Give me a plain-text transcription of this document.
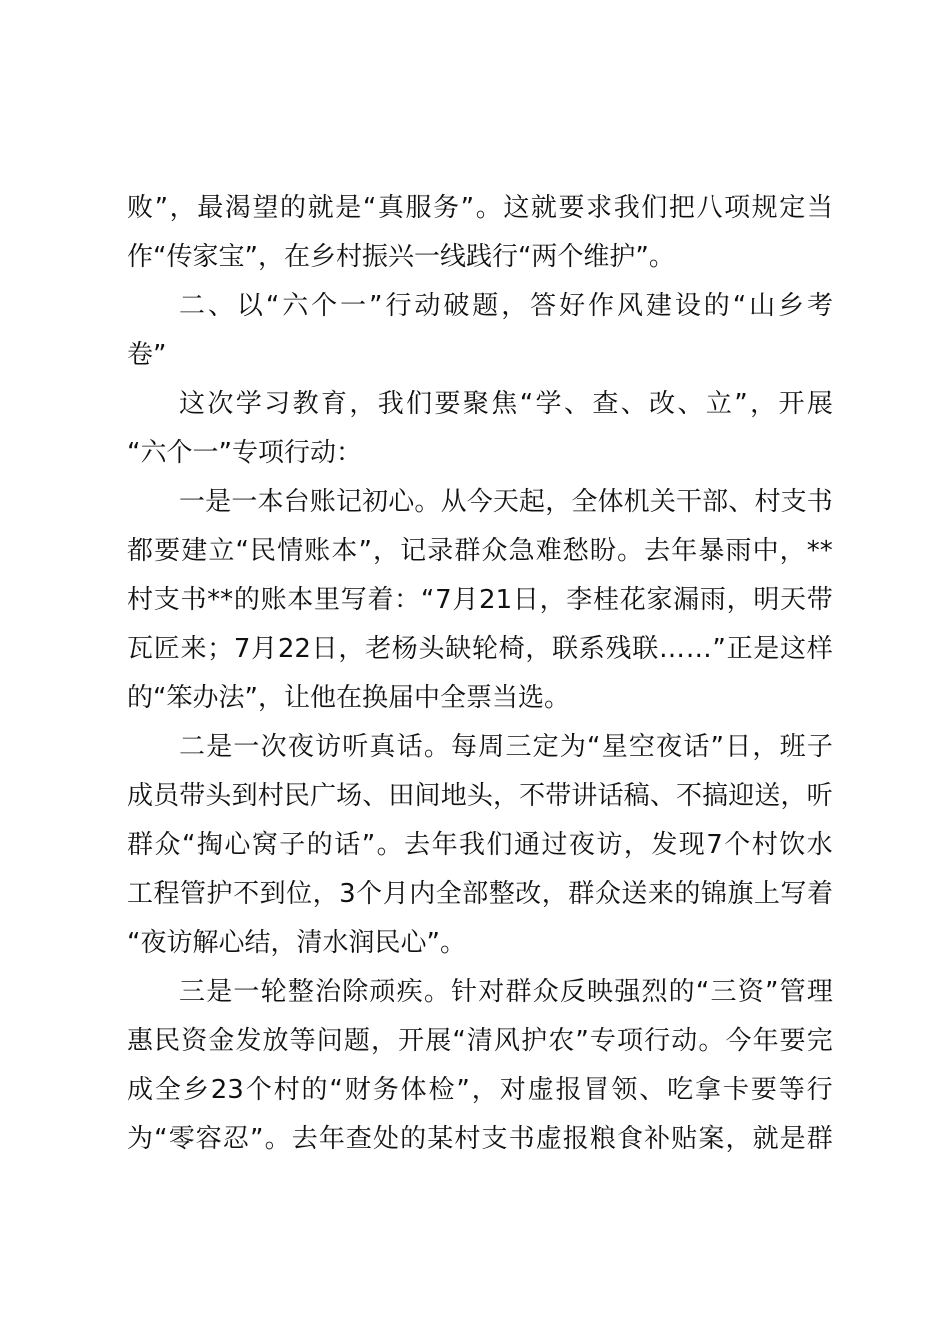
败 ” ， 最 渴 望 的 就 是 “ 真 服 务 ” 。 这 就 要 求 我 们 把 八 项 规 定 当
作“传家宝”，在乡村振兴一线践行“两个维护”。
二 、 以 “ 六 个 一 ” 行 动 破 题 ， 答 好 作 风 建 设 的 “ 山 乡 考
卷”
这 次 学 习 教 育 ， 我 们 要 聚 焦 “ 学 、 查 、 改 、 立 ” ， 开 展
“六个一”专项行动：
一 是 一 本 台 账 记 初 心 。 从 今 天 起 ， 全 体 机 关 干 部 、 村 支 书
都 要 建 立 “ 民 情 账 本 ” ， 记 录 群 众 急 难 愁 盼 。 去 年 暴 雨 中 ， **
村 支 书 ** 的 账 本 里 写 着 ： “ 7 月 21 日 ， 李 桂 花 家 漏 雨 ， 明 天 带
瓦 匠 来 ； 7 月 22 日 ， 老 杨 头 缺 轮 椅 ， 联 系 残 联 … … ” 正 是 这 样
的“笨办法”，让他在换届中全票当选。
二 是 一 次 夜 访 听 真 话 。 每 周 三 定 为 “ 星 空 夜 话 ” 日 ， 班 子
成 员 带 头 到 村 民 广 场 、 田 间 地 头 ， 不 带 讲 话 稿 、 不 搞 迎 送 ， 听
群 众 “ 掏 心 窝 子 的 话 ” 。 去 年 我 们 通 过 夜 访 ， 发 现 7 个 村 饮 水
工 程 管 护 不 到 位 ， 3 个 月 内 全 部 整 改 ， 群 众 送 来 的 锦 旗 上 写 着
“夜访解心结，清水润民心”。
三 是 一 轮 整 治 除 顽 疾 。 针 对 群 众 反 映 强 烈 的 “ 三 资 ” 管 理
惠 民 资 金 发 放 等 问 题 ， 开 展 “ 清 风 护 农 ” 专 项 行 动 。 今 年 要 完
成 全 乡 23 个 村 的 “ 财 务 体 检 ” ， 对 虚 报 冒 领 、 吃 拿 卡 要 等 行
为 “ 零 容 忍 ” 。 去 年 查 处 的 某 村 支 书 虚 报 粮 食 补 贴 案 ， 就 是 群
